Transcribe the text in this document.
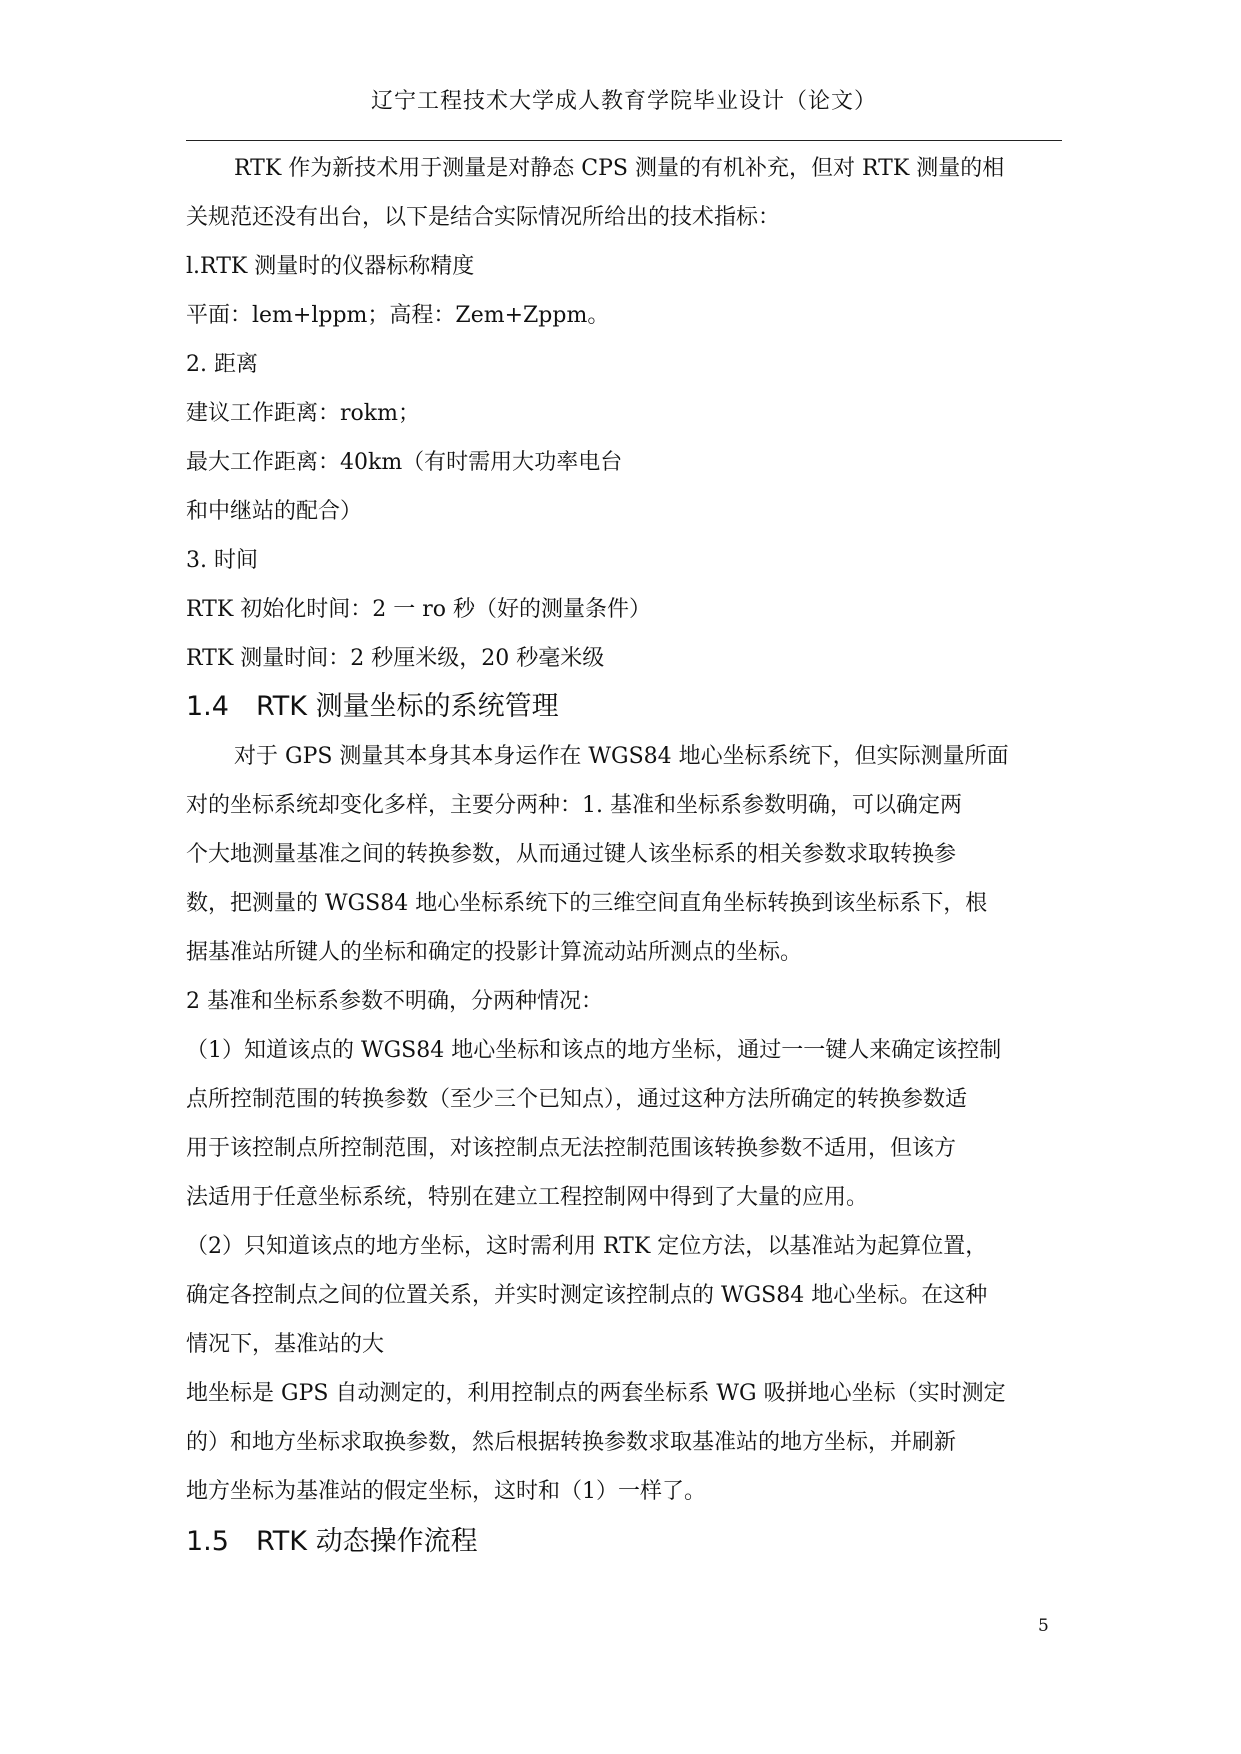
辽宁工程技术大学成人教育学院毕业设计（论文）
RTK 作为新技术用于测量是对静态 CPS 测量的有机补充，但对 RTK 测量的相
关规范还没有出台，以下是结合实际情况所给出的技术指标：
l.RTK 测量时的仪器标称精度
平面：lem+lppm；高程：Zem+Zppm。
2. 距离
建议工作距离：rokm；
最大工作距离：40km（有时需用大功率电台
和中继站的配合）
3. 时间
RTK 初始化时间：2 一 ro 秒（好的测量条件）
RTK 测量时间：2 秒厘米级，20 秒毫米级
1.4 RTK 测量坐标的系统管理
对于 GPS 测量其本身其本身运作在 WGS84 地心坐标系统下，但实际测量所面
对的坐标系统却变化多样，主要分两种：1. 基准和坐标系参数明确，可以确定两
个大地测量基准之间的转换参数，从而通过键人该坐标系的相关参数求取转换参
数，把测量的 WGS84 地心坐标系统下的三维空间直角坐标转换到该坐标系下，根
据基准站所键人的坐标和确定的投影计算流动站所测点的坐标。
2 基准和坐标系参数不明确，分两种情况：
（1）知道该点的 WGS84 地心坐标和该点的地方坐标，通过一一键人来确定该控制
点所控制范围的转换参数（至少三个已知点），通过这种方法所确定的转换参数适
用于该控制点所控制范围，对该控制点无法控制范围该转换参数不适用，但该方
法适用于任意坐标系统，特别在建立工程控制网中得到了大量的应用。
（2）只知道该点的地方坐标，这时需利用 RTK 定位方法，以基准站为起算位置，
确定各控制点之间的位置关系，并实时测定该控制点的 WGS84 地心坐标。在这种
情况下，基准站的大
地坐标是 GPS 自动测定的，利用控制点的两套坐标系 WG 吸拼地心坐标（实时测定
的）和地方坐标求取换参数，然后根据转换参数求取基准站的地方坐标，并刷新
地方坐标为基准站的假定坐标，这时和（1）一样了。
1.5 RTK 动态操作流程
5
